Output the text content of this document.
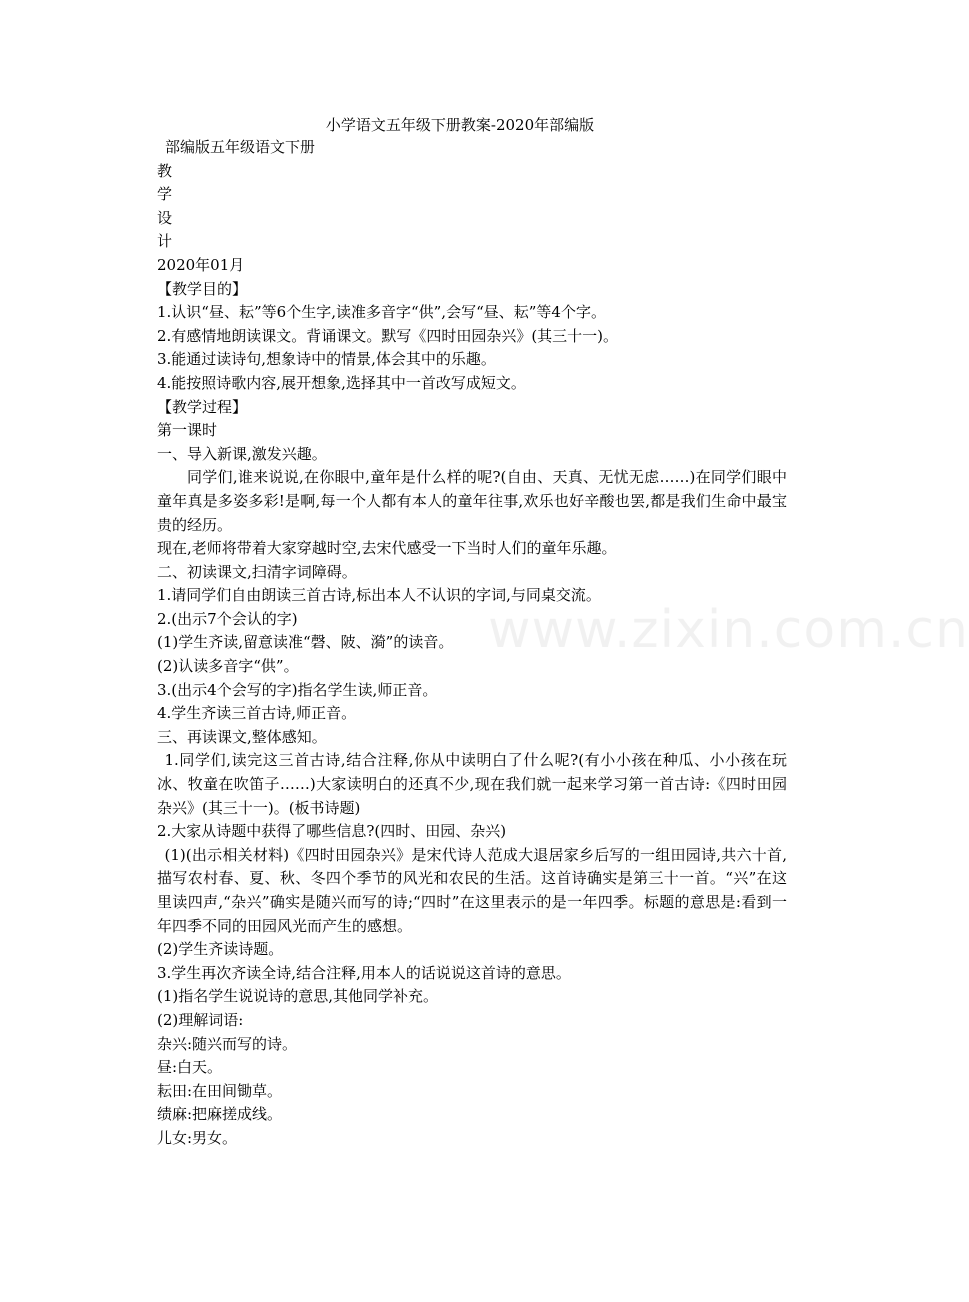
小学语文五年级下册教案-2020年部编版
部编版五年级语文下册
教
学
设
计
2020年01月
【教学目的】
1.认识“昼、耘”等6个生字,读准多音字“供”,会写“昼、耘”等4个字。
2.有感情地朗读课文。背诵课文。默写《四时田园杂兴》(其三十一)。
3.能通过读诗句,想象诗中的情景,体会其中的乐趣。
4.能按照诗歌内容,展开想象,选择其中一首改写成短文。
【教学过程】
第一课时
一、导入新课,激发兴趣。
同学们,谁来说说,在你眼中,童年是什么样的呢?(自由、天真、无忧无虑……)在同学们眼中童年真是多姿多彩!是啊,每一个人都有本人的童年往事,欢乐也好辛酸也罢,都是我们生命中最宝贵的经历。
现在,老师将带着大家穿越时空,去宋代感受一下当时人们的童年乐趣。
二、初读课文,扫清字词障碍。
1.请同学们自由朗读三首古诗,标出本人不认识的字词,与同桌交流。
2.(出示7个会认的字)
(1)学生齐读,留意读准“磬、陂、漪”的读音。
(2)认读多音字“供”。
3.(出示4个会写的字)指名学生读,师正音。
4.学生齐读三首古诗,师正音。
三、再读课文,整体感知。
1.同学们,读完这三首古诗,结合注释,你从中读明白了什么呢?(有小小孩在种瓜、小小孩在玩冰、牧童在吹笛子……)大家读明白的还真不少,现在我们就一起来学习第一首古诗:《四时田园杂兴》(其三十一)。(板书诗题)
2.大家从诗题中获得了哪些信息?(四时、田园、杂兴)
(1)(出示相关材料)《四时田园杂兴》是宋代诗人范成大退居家乡后写的一组田园诗,共六十首,描写农村春、夏、秋、冬四个季节的风光和农民的生活。这首诗确实是第三十一首。“兴”在这里读四声,“杂兴”确实是随兴而写的诗;“四时”在这里表示的是一年四季。标题的意思是:看到一年四季不同的田园风光而产生的感想。
(2)学生齐读诗题。
3.学生再次齐读全诗,结合注释,用本人的话说说这首诗的意思。
(1)指名学生说说诗的意思,其他同学补充。
(2)理解词语:
杂兴:随兴而写的诗。
昼:白天。
耘田:在田间锄草。
绩麻:把麻搓成线。
儿女:男女。
www.zixin.com.cn
